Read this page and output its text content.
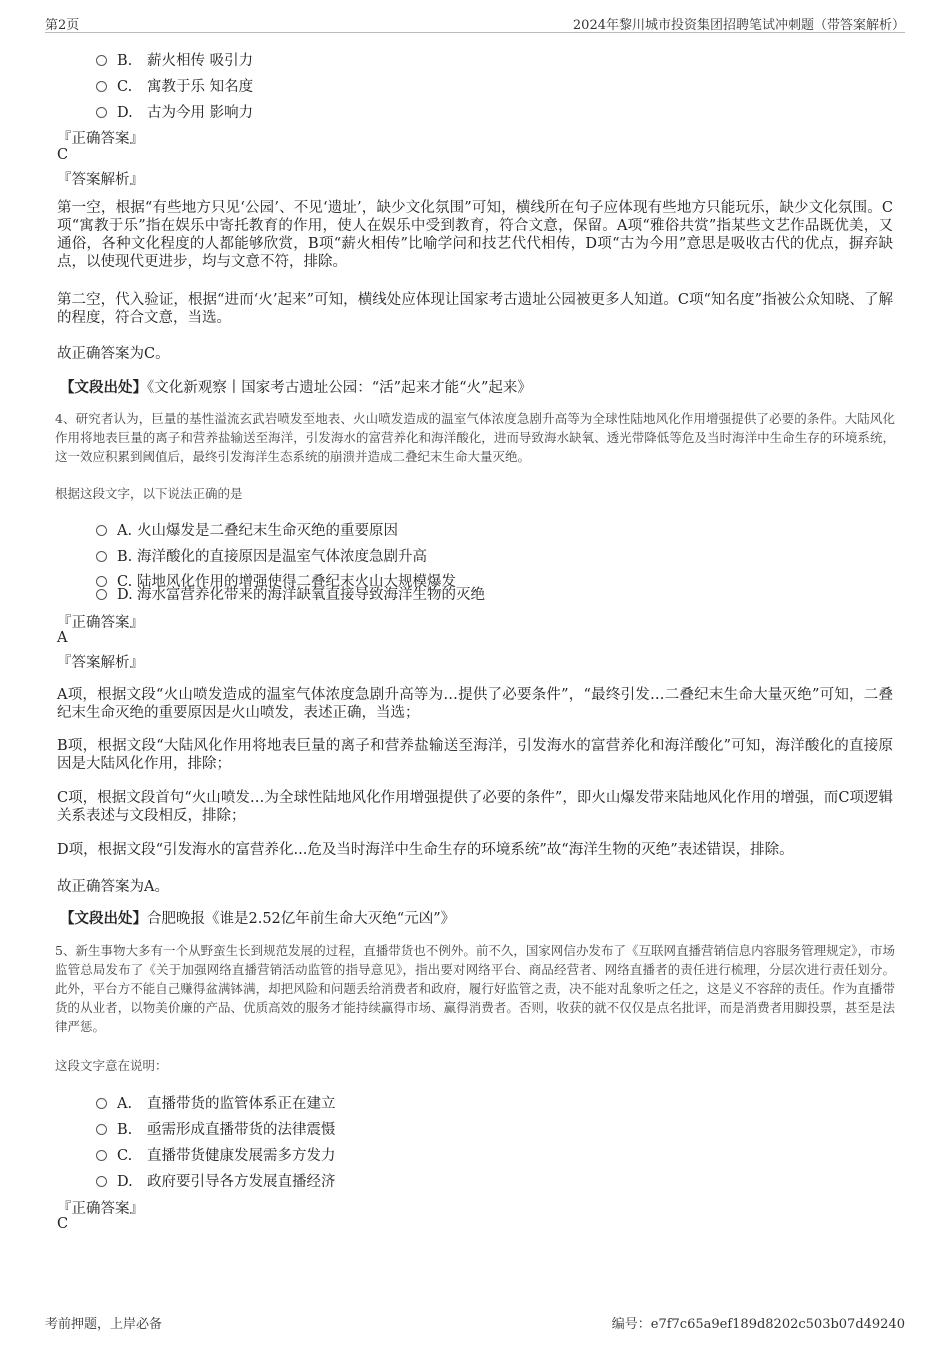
第2页	2024年黎川城市投资集团招聘笔试冲刺题（带答案解析）
B. 薪火相传 吸引力
C. 寓教于乐 知名度
D. 古为今用 影响力
『正确答案』
C
『答案解析』
第一空，根据“有些地方只见‘公园’、不见‘遗址’，缺少文化氛围”可知，横线所在句子应体现有些地方只能玩乐，缺少文化氛围。C项“寓教于乐”指在娱乐中寄托教育的作用，使人在娱乐中受到教育，符合文意，保留。A项“雅俗共赏”指某些文艺作品既优美，又通俗，各种文化程度的人都能够欣赏，B项“薪火相传”比喻学问和技艺代代相传，D项“古为今用”意思是吸收古代的优点，摒弃缺点，以使现代更进步，均与文意不符，排除。
第二空，代入验证，根据“进而‘火’起来”可知，横线处应体现让国家考古遗址公园被更多人知道。C项“知名度”指被公众知晓、了解的程度，符合文意，当选。
故正确答案为C。
【文段出处】《文化新观察丨国家考古遗址公园：“活”起来才能“火”起来》
4、研究者认为，巨量的基性溢流玄武岩喷发至地表、火山喷发造成的温室气体浓度急剧升高等为全球性陆地风化作用增强提供了必要的条件。大陆风化作用将地表巨量的离子和营养盐输送至海洋，引发海水的富营养化和海洋酸化，进而导致海水缺氧、透光带降低等危及当时海洋中生命生存的环境系统，这一效应积累到阈值后，最终引发海洋生态系统的崩溃并造成二叠纪末生命大量灭绝。
根据这段文字，以下说法正确的是
A. 火山爆发是二叠纪末生命灭绝的重要原因
B. 海洋酸化的直接原因是温室气体浓度急剧升高
C. 陆地风化作用的增强使得二叠纪末火山大规模爆发
D. 海水富营养化带来的海洋缺氧直接导致海洋生物的灭绝
『正确答案』
A
『答案解析』
A项，根据文段“火山喷发造成的温室气体浓度急剧升高等为…提供了必要条件”，“最终引发…二叠纪末生命大量灭绝”可知，二叠纪末生命灭绝的重要原因是火山喷发，表述正确，当选；
B项，根据文段“大陆风化作用将地表巨量的离子和营养盐输送至海洋，引发海水的富营养化和海洋酸化”可知，海洋酸化的直接原因是大陆风化作用，排除；
C项，根据文段首句“火山喷发…为全球性陆地风化作用增强提供了必要的条件”，即火山爆发带来陆地风化作用的增强，而C项逻辑关系表述与文段相反，排除；
D项，根据文段“引发海水的富营养化...危及当时海洋中生命生存的环境系统”故“海洋生物的灭绝”表述错误，排除。
故正确答案为A。
【文段出处】合肥晚报《谁是2.52亿年前生命大灭绝“元凶”》
5、新生事物大多有一个从野蛮生长到规范发展的过程，直播带货也不例外。前不久，国家网信办发布了《互联网直播营销信息内容服务管理规定》，市场监管总局发布了《关于加强网络直播营销活动监管的指导意见》，指出要对网络平台、商品经营者、网络直播者的责任进行梳理，分层次进行责任划分。此外，平台方不能自己赚得盆满钵满，却把风险和问题丢给消费者和政府，履行好监管之责，决不能对乱象听之任之，这是义不容辞的责任。作为直播带货的从业者，以物美价廉的产品、优质高效的服务才能持续赢得市场、赢得消费者。否则，收获的就不仅仅是点名批评，而是消费者用脚投票，甚至是法律严惩。
这段文字意在说明：
A. 直播带货的监管体系正在建立
B. 亟需形成直播带货的法律震慑
C. 直播带货健康发展需多方发力
D. 政府要引导各方发展直播经济
『正确答案』
C
考前押题，上岸必备	编号：e7f7c65a9ef189d8202c503b07d49240
